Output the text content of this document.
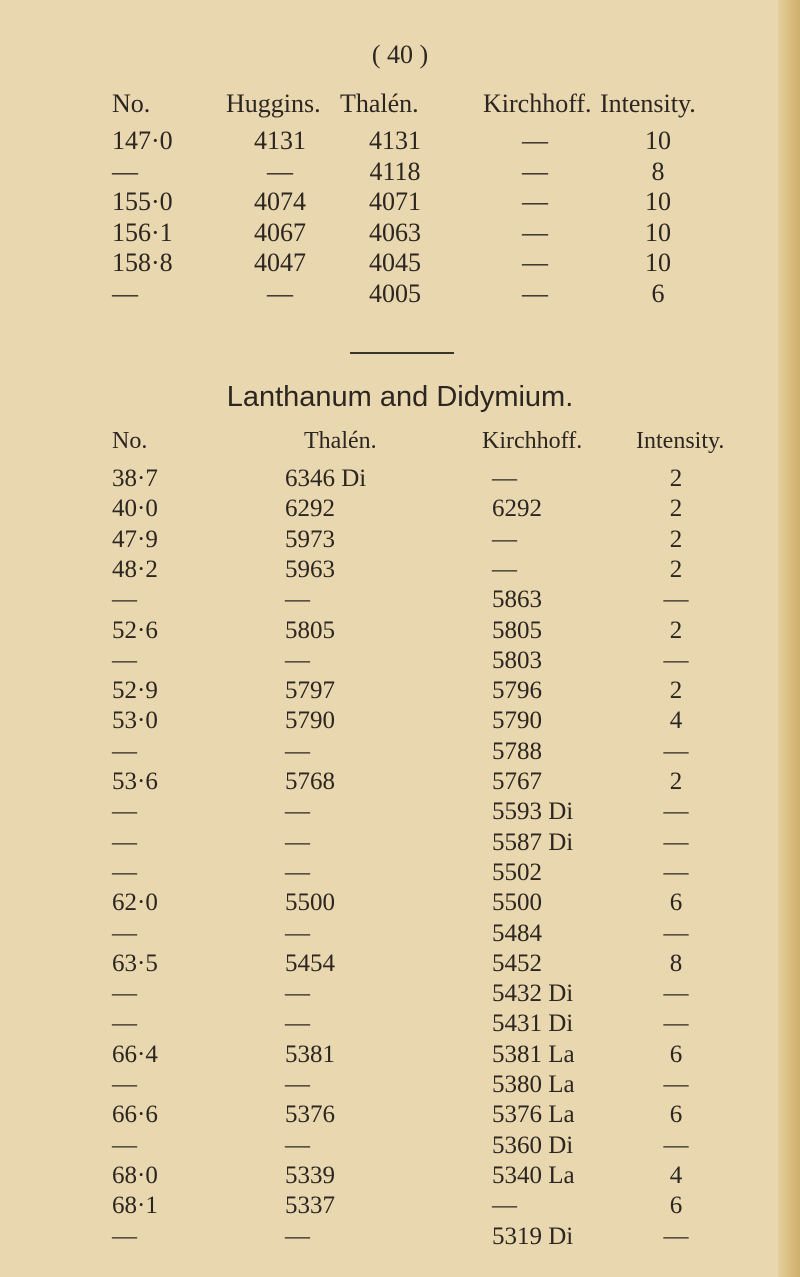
( 40 )
No.	Huggins. Thalén. Kirchhoff. Intensity.
147·0	4131	4131	—	10
—	—	4118	—	8
155·0	4074	4071	—	10
156·1	4067	4063	—	10
158·8	4047	4045	—	10
—	—	4005	—	6
Lanthanum and Didymium.
No.	Thalén.	Kirchhoff. Intensity.
38·7	6346 Di	—	2
40·0	6292	6292	2
47·9	5973	—	2
48·2	5963	—	2
—	—	5863	—
52·6	5805	5805	2
—	—	5803	—
52·9	5797	5796	2
53·0	5790	5790	4
—	—	5788	—
53·6	5768	5767	2
—	—	5593 Di	—
—	—	5587 Di	—
—	—	5502	—
62·0	5500	5500	6
—	—	5484	—
63·5	5454	5452	8
—	—	5432 Di	—
—	—	5431 Di	—
66·4	5381	5381 La	6
—	—	5380 La	—
66·6	5376	5376 La	6
—	—	5360 Di	—
68·0	5339	5340 La	4
68·1	5337	—	6
—	—	5319 Di	—
